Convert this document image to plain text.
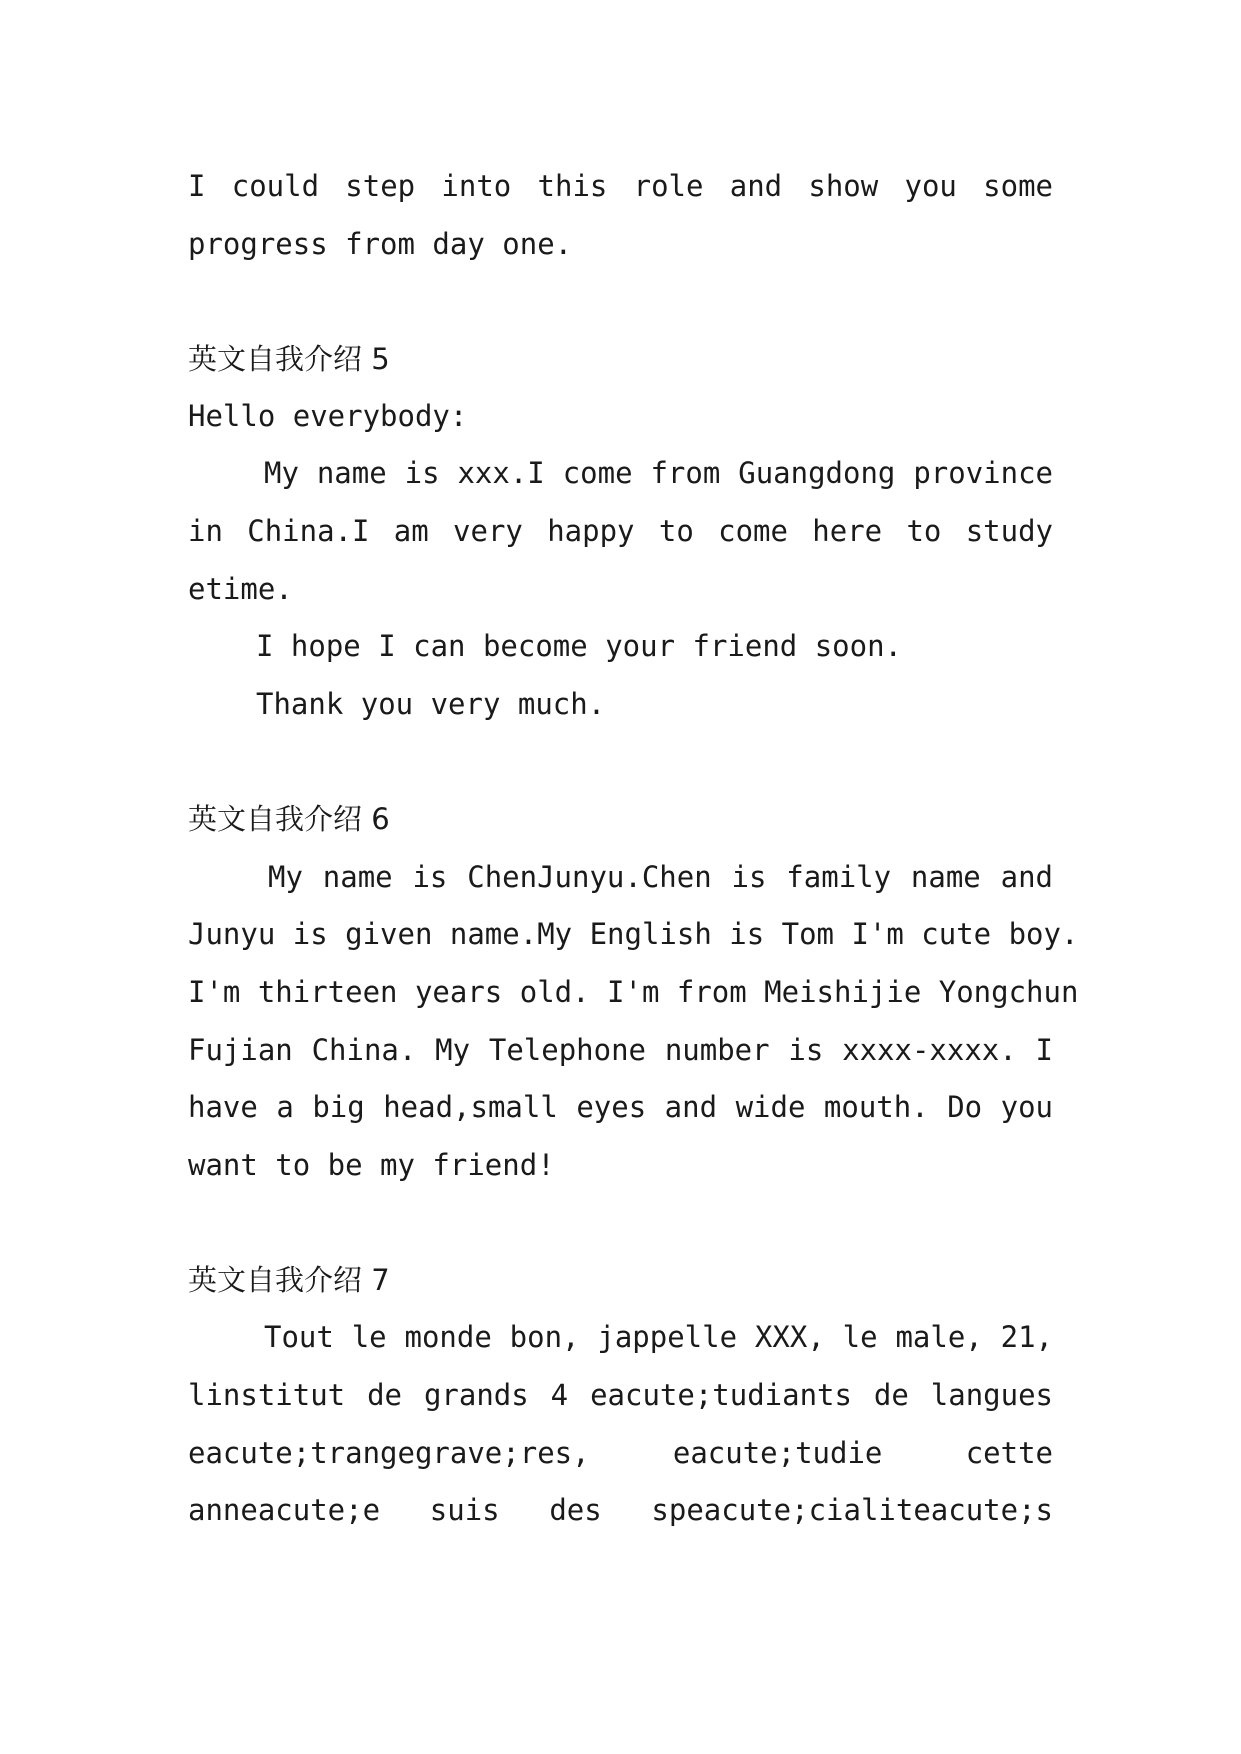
I could step into this role and show you some
progress from day one.
英文自我介绍 5
Hello everybody:
My name is xxx.I come from Guangdong province
in China.I am very happy to come here to study
etime.
I hope I can become your friend soon.
Thank you very much.
英文自我介绍 6
My name is ChenJunyu.Chen is family name and
Junyu is given name.My English is Tom I'm cute boy.
I'm thirteen years old. I'm from Meishijie Yongchun
Fujian China. My Telephone number is xxxx-xxxx. I
have a big head,small eyes and wide mouth. Do you
want to be my friend!
英文自我介绍 7
Tout le monde bon, jappelle XXX, le male, 21,
linstitut de grands 4 eacute;tudiants de langues
eacute;trangegrave;res, eacute;tudie cette
anneacute;e suis des speacute;cialiteacute;s
